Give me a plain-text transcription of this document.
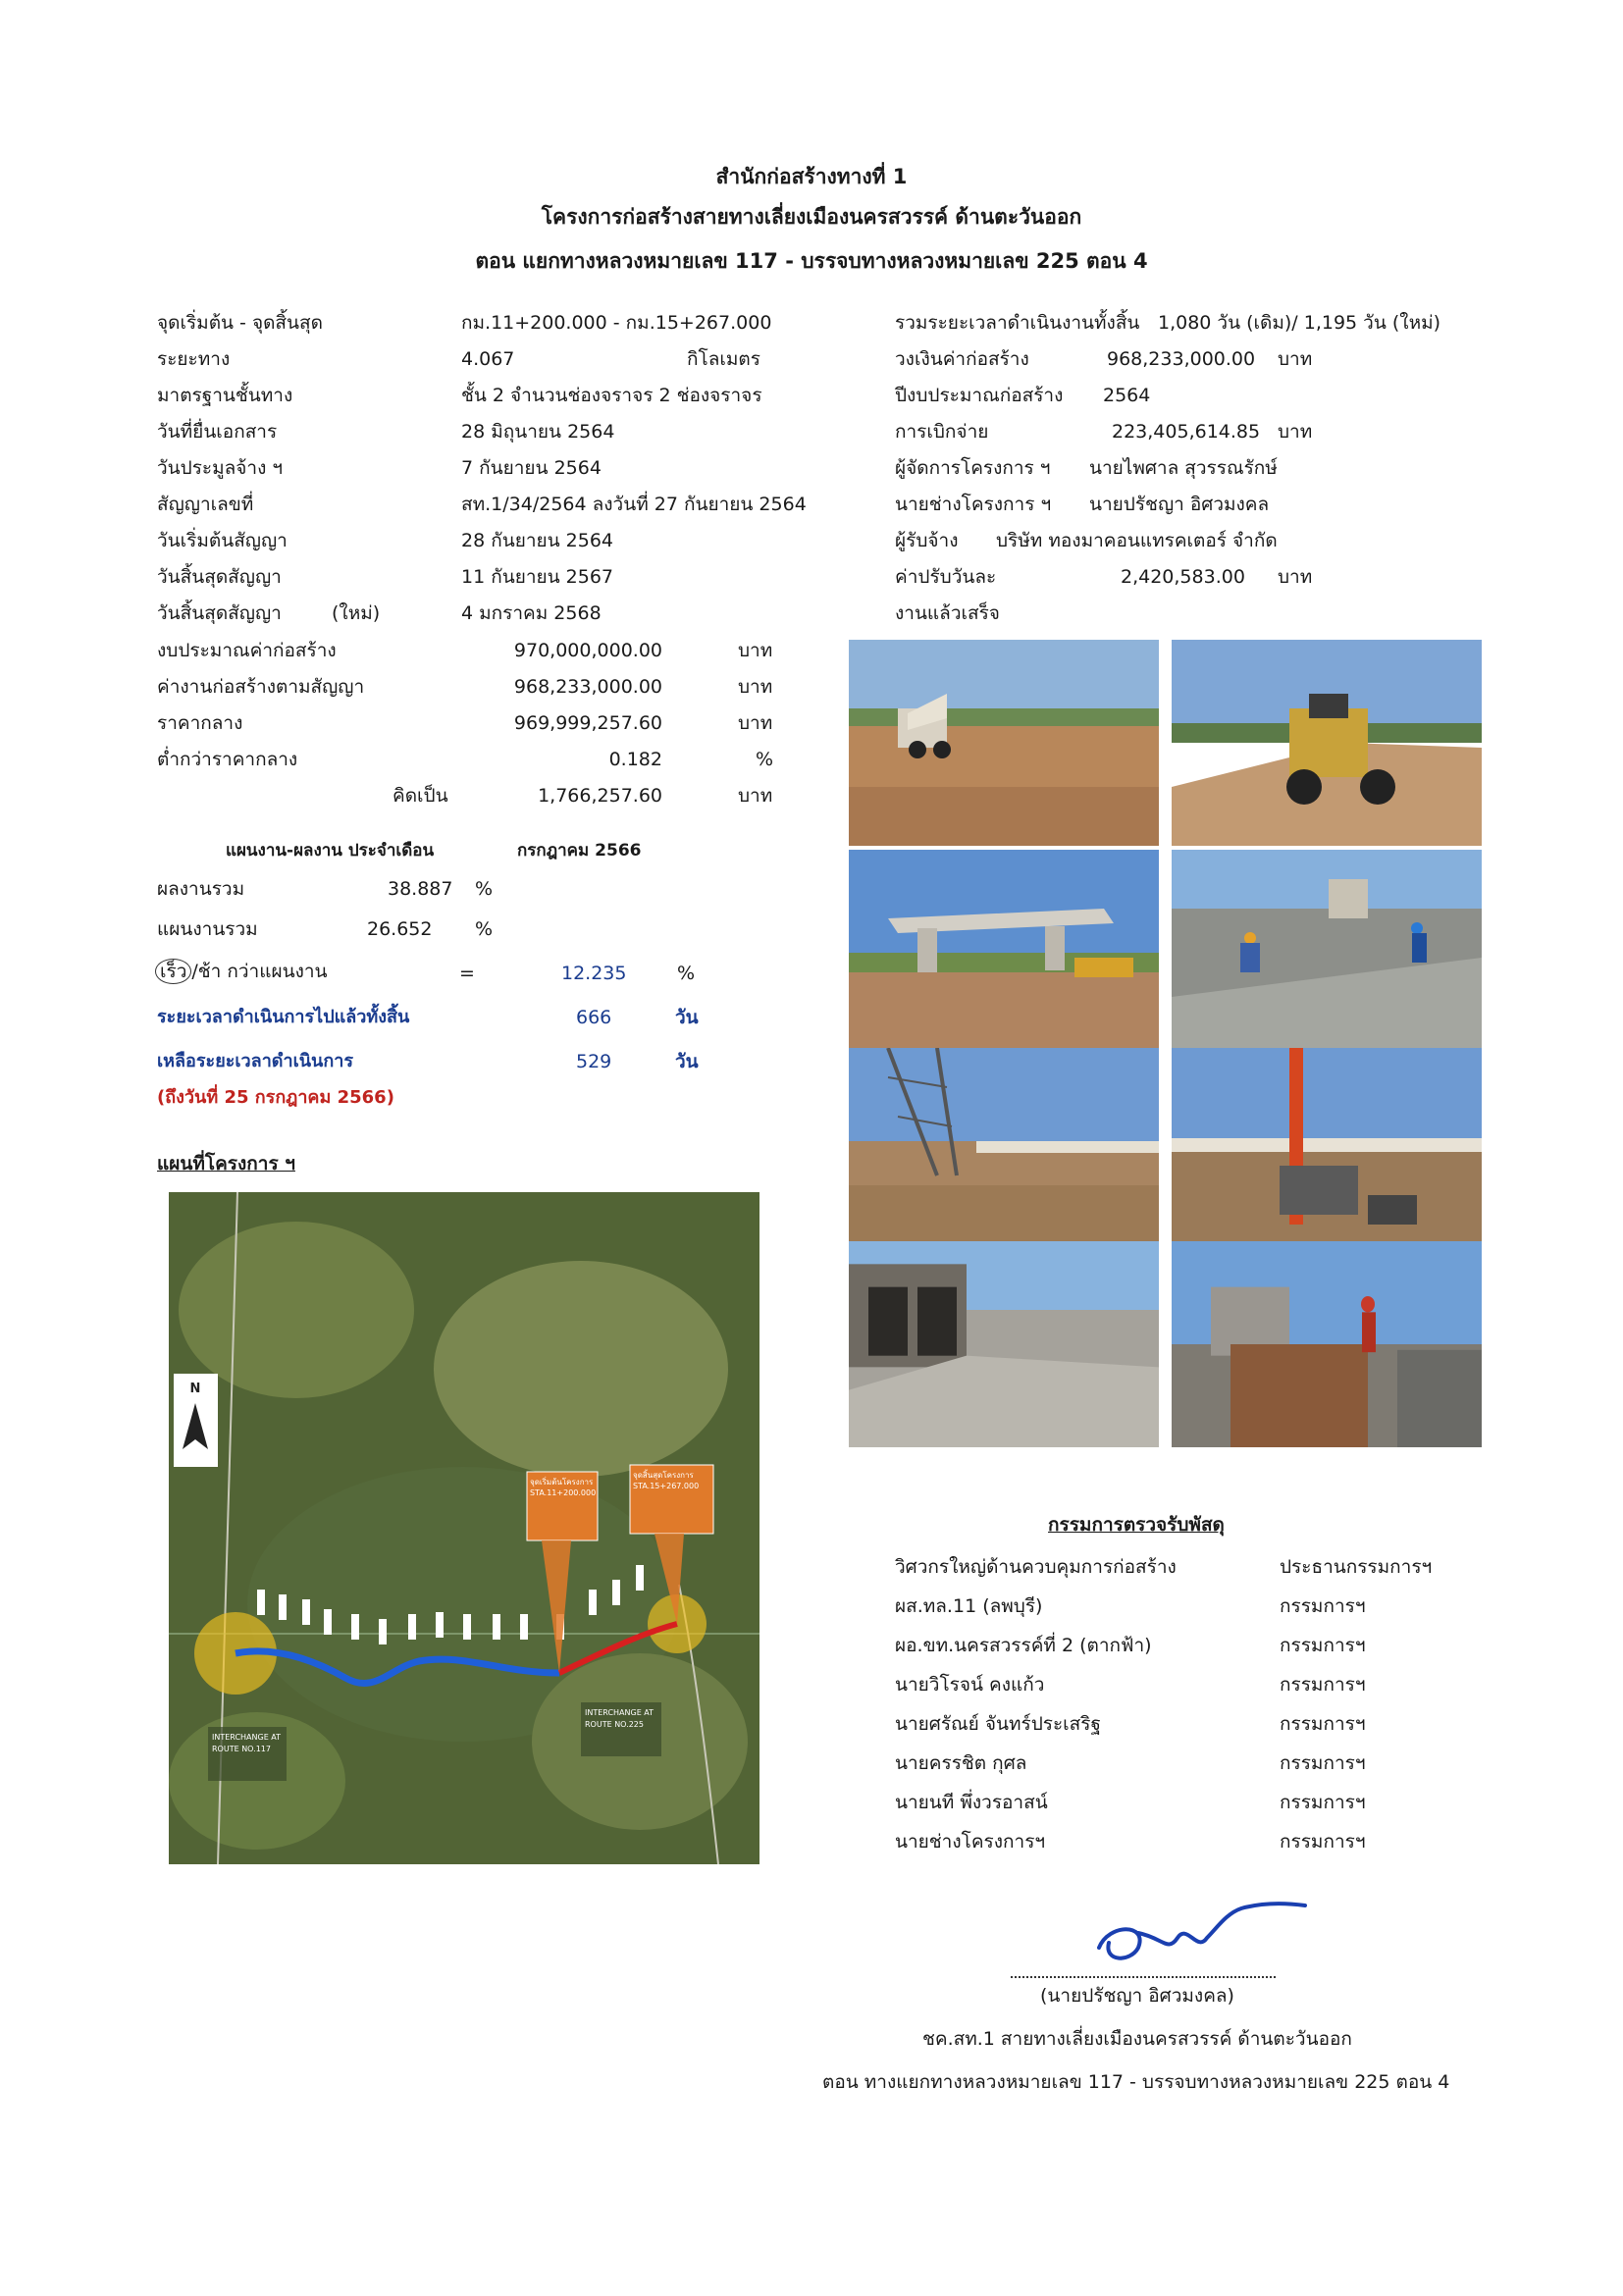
สำนักก่อสร้างทางที่ 1
โครงการก่อสร้างสายทางเลี่ยงเมืองนครสวรรค์ ด้านตะวันออก
ตอน แยกทางหลวงหมายเลข 117 - บรรจบทางหลวงหมายเลข 225 ตอน 4
จุดเริ่มต้น - จุดสิ้นสุด	กม.11+200.000 - กม.15+267.000
ระยะทาง	4.067	กิโลเมตร
มาตรฐานชั้นทาง	ชั้น 2 จำนวนช่องจราจร 2 ช่องจราจร
วันที่ยื่นเอกสาร	28 มิถุนายน 2564
วันประมูลจ้าง ฯ	7 กันยายน 2564
สัญญาเลขที่	สท.1/34/2564 ลงวันที่ 27 กันยายน 2564
วันเริ่มต้นสัญญา	28 กันยายน 2564
วันสิ้นสุดสัญญา	11 กันยายน 2567
วันสิ้นสุดสัญญา	(ใหม่)	4 มกราคม 2568
งบประมาณค่าก่อสร้าง	970,000,000.00	บาท
ค่างานก่อสร้างตามสัญญา	968,233,000.00	บาท
ราคากลาง	969,999,257.60	บาท
ต่ำกว่าราคากลาง	0.182	%
คิดเป็น	1,766,257.60	บาท
แผนงาน-ผลงาน ประจำเดือน	กรกฎาคม 2566
ผลงานรวม	38.887 %
แผนงานรวม	26.652 %
เร็ว /ช้า กว่าแผนงาน	=	12.235	%
ระยะเวลาดำเนินการไปแล้วทั้งสิ้น	666	วัน
เหลือระยะเวลาดำเนินการ	529	วัน
(ถึงวันที่ 25 กรกฎาคม 2566)
รวมระยะเวลาดำเนินงานทั้งสิ้น 1,080 วัน (เดิม)/ 1,195 วัน (ใหม่)
วงเงินค่าก่อสร้าง	968,233,000.00 บาท
ปีงบประมาณก่อสร้าง 2564
การเบิกจ่าย	223,405,614.85 บาท
ผู้จัดการโครงการ ฯ นายไพศาล สุวรรณรักษ์
นายช่างโครงการ ฯ นายปรัชญา อิศวมงคล
ผู้รับจ้าง บริษัท ทองมาคอนแทรคเตอร์ จำกัด
ค่าปรับวันละ	2,420,583.00 บาท
งานแล้วเสร็จ
แผนที่โครงการ ฯ
N
จุดเริ่มต้นโครงการ
STA.11+200.000
จุดสิ้นสุดโครงการ
STA.15+267.000
INTERCHANGE AT
ROUTE NO.117
INTERCHANGE AT
ROUTE NO.225
กรรมการตรวจรับพัสดุ
วิศวกรใหญ่ด้านควบคุมการก่อสร้าง	ประธานกรรมการฯ
ผส.ทล.11 (ลพบุรี)	กรรมการฯ
ผอ.ขท.นครสวรรค์ที่ 2 (ตากฟ้า)	กรรมการฯ
นายวิโรจน์ คงแก้ว	กรรมการฯ
นายศรัณย์ จันทร์ประเสริฐ	กรรมการฯ
นายครรชิต กุศล	กรรมการฯ
นายนที พึ่งวรอาสน์	กรรมการฯ
นายช่างโครงการฯ	กรรมการฯ
(นายปรัชญา อิศวมงคล)
ชค.สท.1 สายทางเลี่ยงเมืองนครสวรรค์ ด้านตะวันออก
ตอน ทางแยกทางหลวงหมายเลข 117 - บรรจบทางหลวงหมายเลข 225 ตอน 4
